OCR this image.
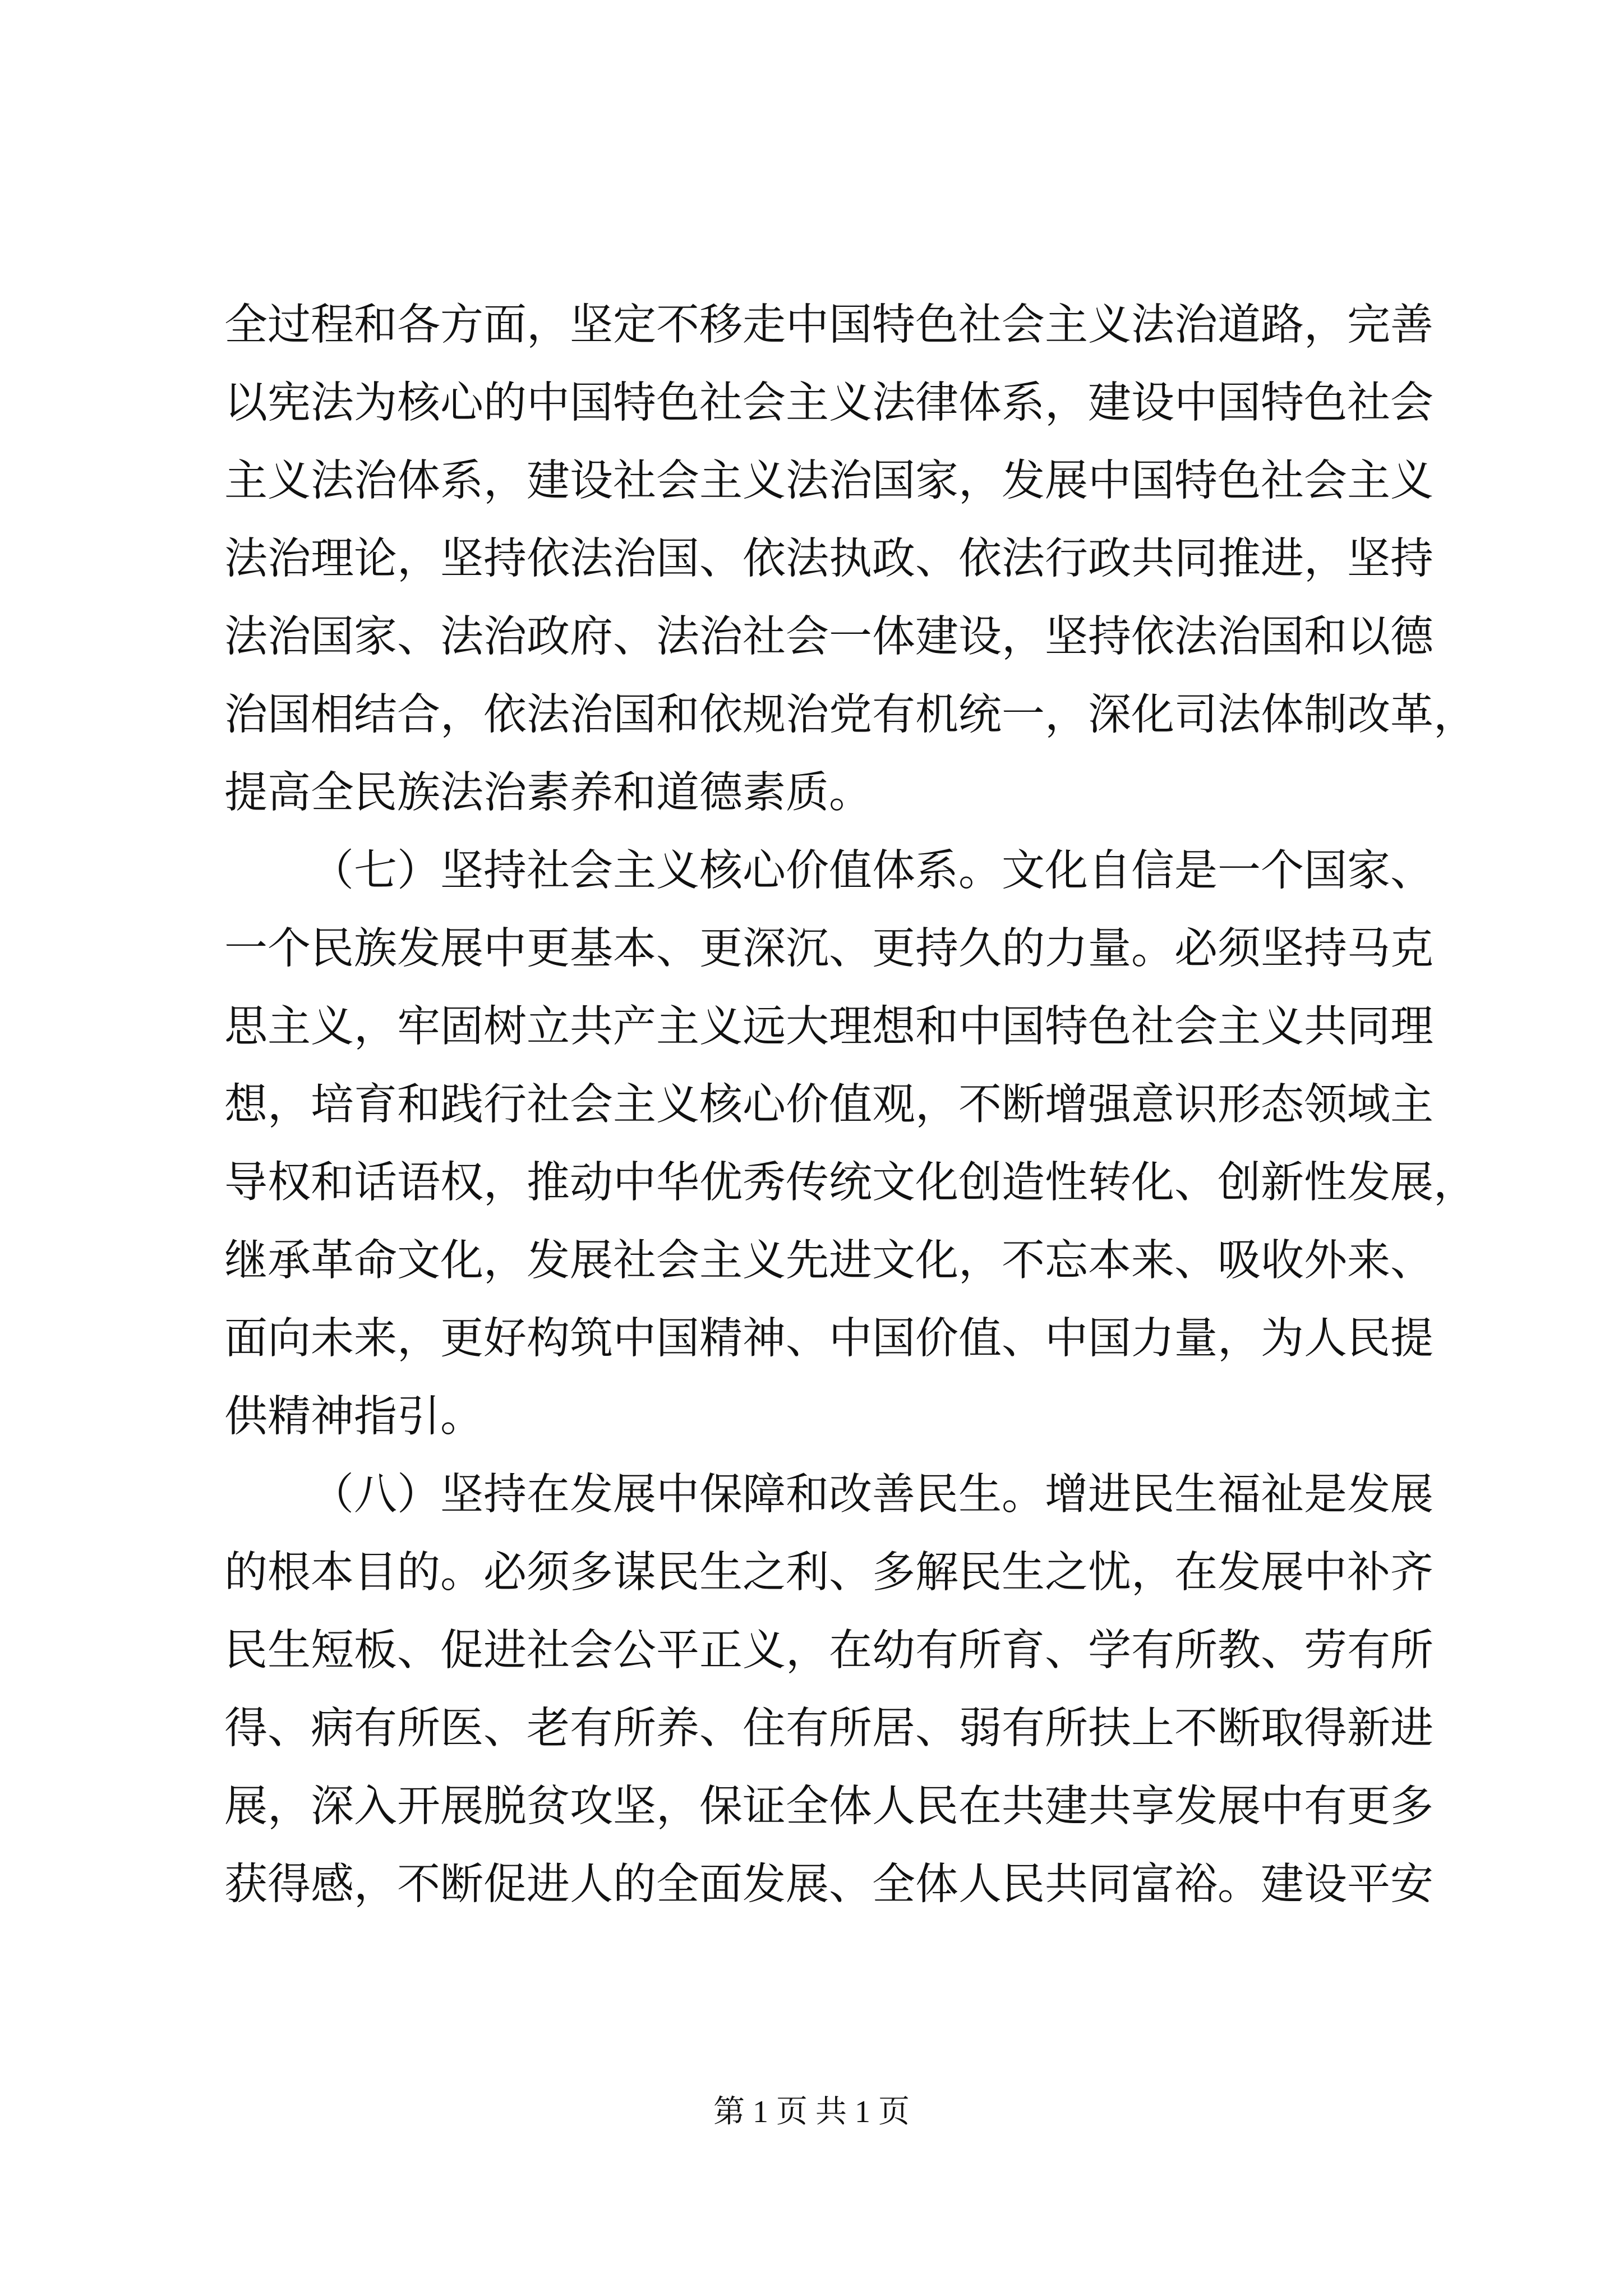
全过程和各方面，坚定不移走中国特色社会主义法治道路，完善

以宪法为核心的中国特色社会主义法律体系，建设中国特色社会

主义法治体系，建设社会主义法治国家，发展中国特色社会主义

法治理论，坚持依法治国、依法执政、依法行政共同推进，坚持

法治国家、法治政府、法治社会一体建设，坚持依法治国和以德

治国相结合，依法治国和依规治党有机统一，深化司法体制改革，

提高全民族法治素养和道德素质。

（七）坚持社会主义核心价值体系。文化自信是一个国家、

一个民族发展中更基本、更深沉、更持久的力量。必须坚持马克

思主义，牢固树立共产主义远大理想和中国特色社会主义共同理

想，培育和践行社会主义核心价值观，不断增强意识形态领域主

导权和话语权，推动中华优秀传统文化创造性转化、创新性发展，

继承革命文化，发展社会主义先进文化，不忘本来、吸收外来、

面向未来，更好构筑中国精神、中国价值、中国力量，为人民提

供精神指引。

（八）坚持在发展中保障和改善民生。增进民生福祉是发展

的根本目的。必须多谋民生之利、多解民生之忧，在发展中补齐

民生短板、促进社会公平正义，在幼有所育、学有所教、劳有所

得、病有所医、老有所养、住有所居、弱有所扶上不断取得新进

展，深入开展脱贫攻坚，保证全体人民在共建共享发展中有更多

获得感，不断促进人的全面发展、全体人民共同富裕。建设平安

第 1 页 共 1 页
